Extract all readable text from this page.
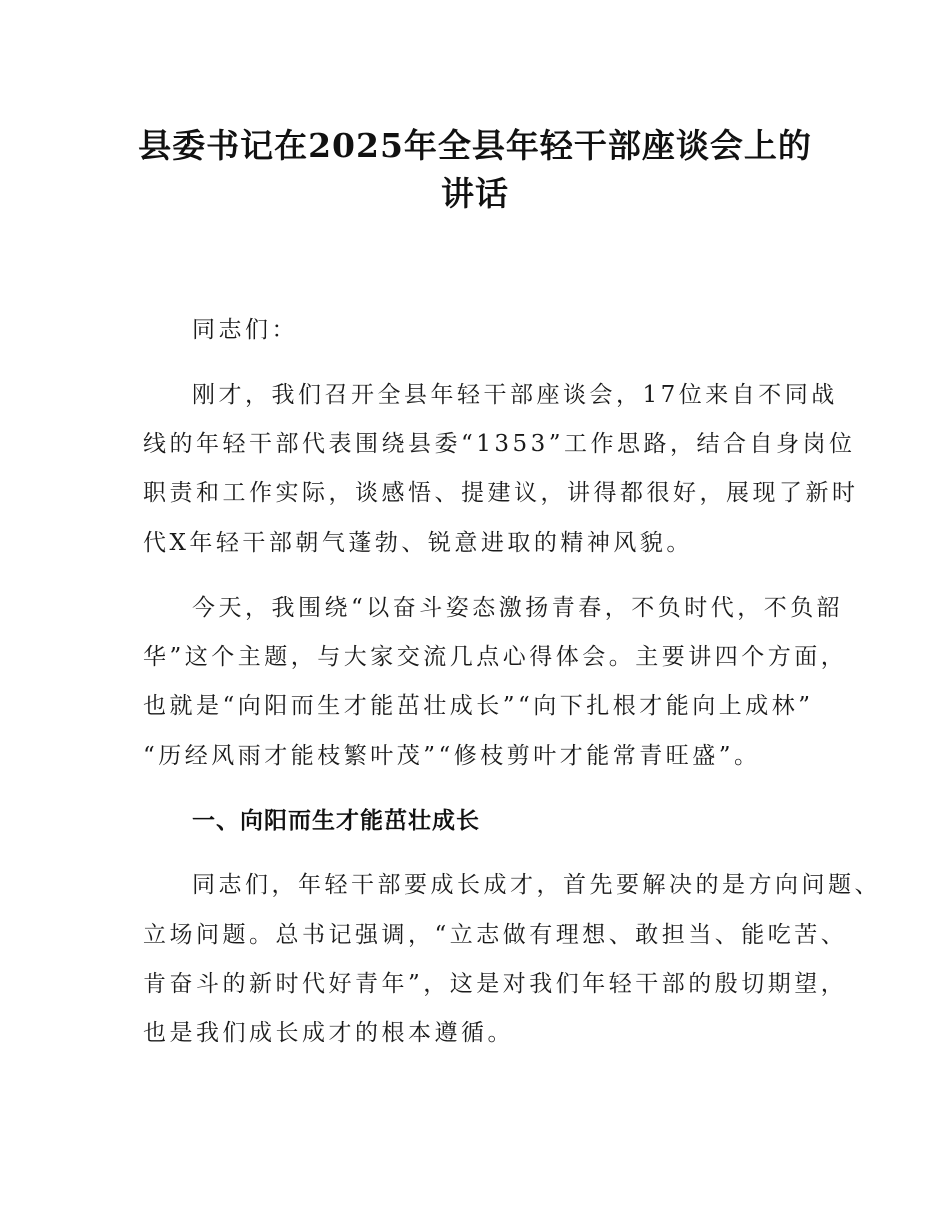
县委书记在2025年全县年轻干部座谈会上的
讲话
同志们：
刚才，我们召开全县年轻干部座谈会，17位来自不同战
线的年轻干部代表围绕县委“1353”工作思路，结合自身岗位
职责和工作实际，谈感悟、提建议，讲得都很好，展现了新时
代X年轻干部朝气蓬勃、锐意进取的精神风貌。
今天，我围绕“以奋斗姿态激扬青春，不负时代，不负韶
华”这个主题，与大家交流几点心得体会。主要讲四个方面，
也就是“向阳而生才能茁壮成长”“向下扎根才能向上成林”
“历经风雨才能枝繁叶茂”“修枝剪叶才能常青旺盛”。
一、向阳而生才能茁壮成长
同志们，年轻干部要成长成才，首先要解决的是方向问题、
立场问题。总书记强调，“立志做有理想、敢担当、能吃苦、
肯奋斗的新时代好青年”，这是对我们年轻干部的殷切期望，
也是我们成长成才的根本遵循。
